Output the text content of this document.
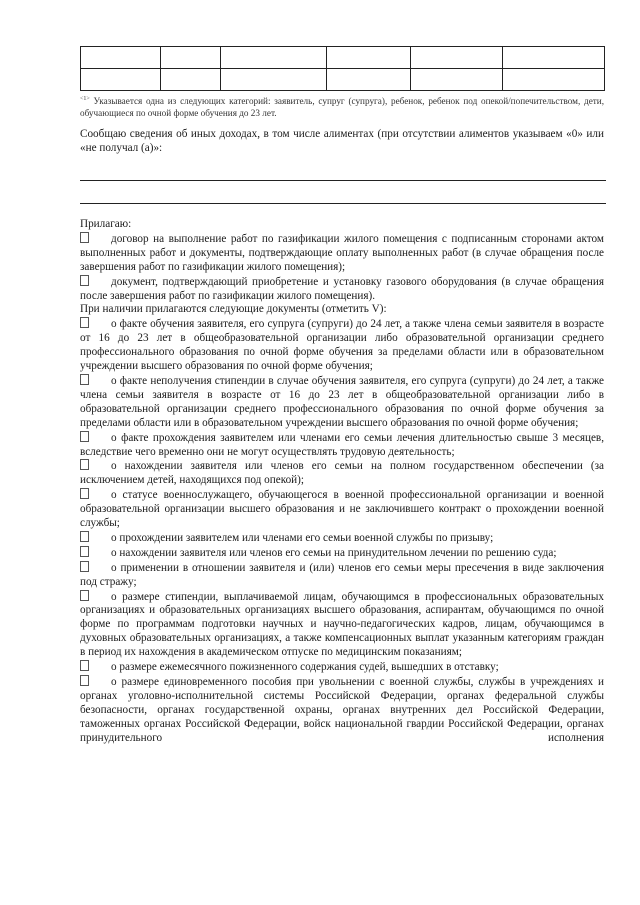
$^{<1>}$ Указывается одна из следующих категорий: заявитель, супруг (супруга), ребенок, ребенок под опекой/попечительством, дети, обучающиеся по очной форме обучения до 23 лет.
Сообщаю сведения об иных доходах, в том числе алиментах (при отсутствии алиментов указываем «0» или «не получал (а)»:

Прилагаю:

договор на выполнение работ по газификации жилого помещения с подписанным сторонами актом выполненных работ и документы, подтверждающие оплату выполненных работ (в случае обращения после завершения работ по газификации жилого помещения);

документ, подтверждающий приобретение и установку газового оборудования (в случае обращения после завершения работ по газификации жилого помещения).

При наличии прилагаются следующие документы (отметить V):

о факте обучения заявителя, его супруга (супруги) до 24 лет, а также члена семьи заявителя в возрасте от 16 до 23 лет в общеобразовательной организации либо образовательной организации среднего профессионального образования по очной форме обучения за пределами области или в образовательном учреждении высшего образования по очной форме обучения;

о факте неполучения стипендии в случае обучения заявителя, его супруга (супруги) до 24 лет, а также члена семьи заявителя в возрасте от 16 до 23 лет в общеобразовательной организации либо в образовательной организации среднего профессионального образования по очной форме обучения за пределами области или в образовательном учреждении высшего образования по очной форме обучения;

о факте прохождения заявителем или членами его семьи лечения длительностью свыше 3 месяцев, вследствие чего временно они не могут осуществлять трудовую деятельность;

о нахождении заявителя или членов его семьи на полном государственном обеспечении (за исключением детей, находящихся под опекой);

о статусе военнослужащего, обучающегося в военной профессиональной организации и военной образовательной организации высшего образования и не заключившего контракт о прохождении военной службы;

о прохождении заявителем или членами его семьи военной службы по призыву;

о нахождении заявителя или членов его семьи на принудительном лечении по решению суда;

о применении в отношении заявителя и (или) членов его семьи меры пресечения в виде заключения под стражу;

о размере стипендии, выплачиваемой лицам, обучающимся в профессиональных образовательных организациях и образовательных организациях высшего образования, аспирантам, обучающимся по очной форме по программам подготовки научных и научно-педагогических кадров, лицам, обучающимся в духовных образовательных организациях, а также компенсационных выплат указанным категориям граждан в период их нахождения в академическом отпуске по медицинским показаниям;

о размере ежемесячного пожизненного содержания судей, вышедших в отставку;

о размере единовременного пособия при увольнении с военной службы, службы в учреждениях и органах уголовно-исполнительной системы Российской Федерации, органах федеральной службы безопасности, органах государственной охраны, органах внутренних дел Российской Федерации, таможенных органах Российской Федерации, войск национальной гвардии Российской Федерации, органах принудительного исполнения
